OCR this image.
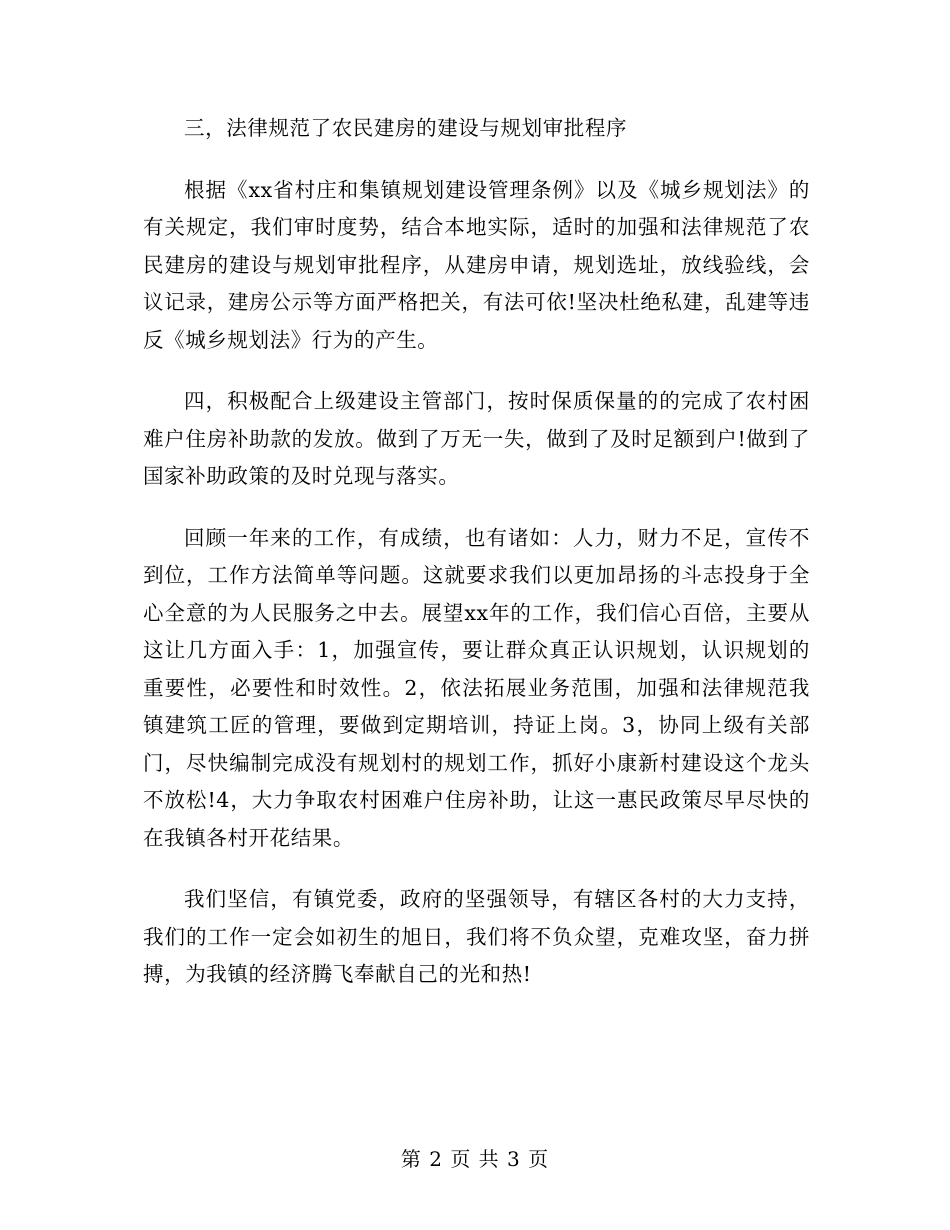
三，法律规范了农民建房的建设与规划审批程序

根据《xx省村庄和集镇规划建设管理条例》以及《城乡规划法》的有关规定，我们审时度势，结合本地实际，适时的加强和法律规范了农民建房的建设与规划审批程序，从建房申请，规划选址，放线验线，会议记录，建房公示等方面严格把关，有法可依!坚决杜绝私建，乱建等违反《城乡规划法》行为的产生。

四，积极配合上级建设主管部门，按时保质保量的的完成了农村困难户住房补助款的发放。做到了万无一失，做到了及时足额到户!做到了国家补助政策的及时兑现与落实。

回顾一年来的工作，有成绩，也有诸如：人力，财力不足，宣传不到位，工作方法简单等问题。这就要求我们以更加昂扬的斗志投身于全心全意的为人民服务之中去。展望xx年的工作，我们信心百倍，主要从这让几方面入手：1，加强宣传，要让群众真正认识规划，认识规划的重要性，必要性和时效性。2，依法拓展业务范围，加强和法律规范我镇建筑工匠的管理，要做到定期培训，持证上岗。3，协同上级有关部门，尽快编制完成没有规划村的规划工作，抓好小康新村建设这个龙头不放松!4，大力争取农村困难户住房补助，让这一惠民政策尽早尽快的在我镇各村开花结果。

我们坚信，有镇党委，政府的坚强领导，有辖区各村的大力支持，我们的工作一定会如初生的旭日，我们将不负众望，克难攻坚，奋力拼搏，为我镇的经济腾飞奉献自己的光和热!

第 2 页 共 3 页
